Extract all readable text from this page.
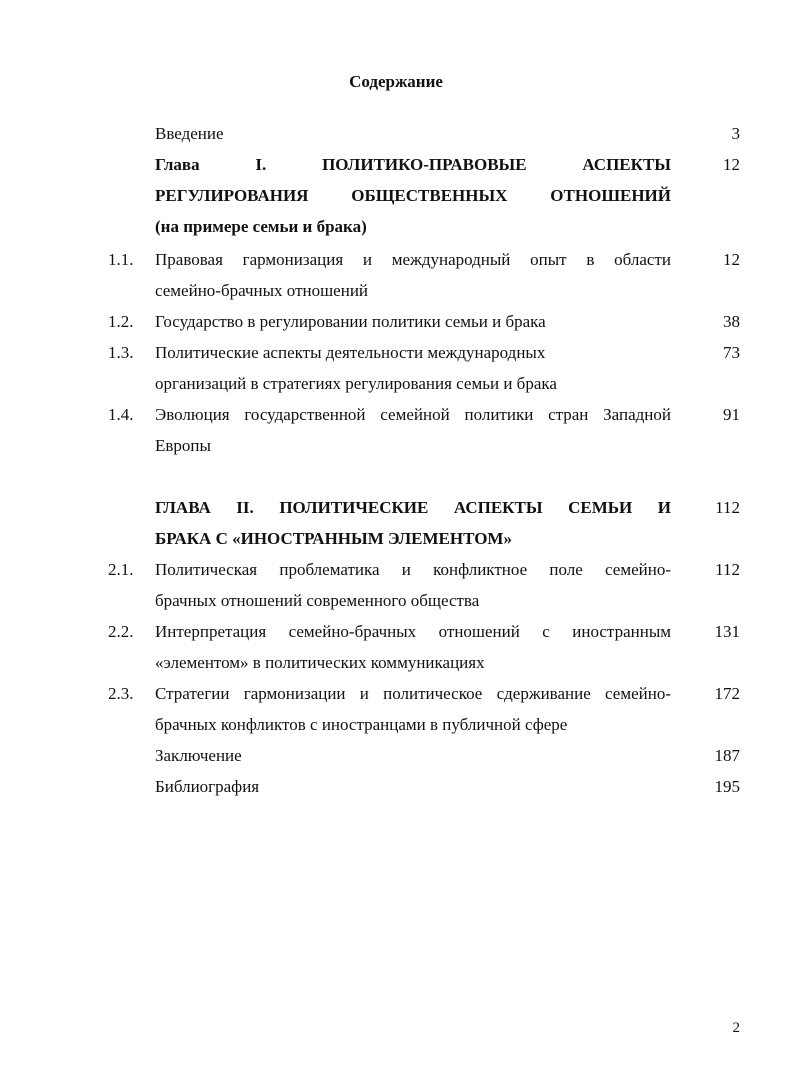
Содержание
Введение	3
Глава I. ПОЛИТИКО-ПРАВОВЫЕ АСПЕКТЫ	12
РЕГУЛИРОВАНИЯ ОБЩЕСТВЕННЫХ ОТНОШЕНИЙ
(на примере семьи и брака)
1.1.	Правовая гармонизация и международный опыт в области	12
семейно-брачных отношений
1.2.	Государство в регулировании политики семьи и брака	38
1.3.	Политические аспекты деятельности международных	73
организаций в стратегиях регулирования семьи и брака
1.4.	Эволюция государственной семейной политики стран Западной	91
Европы
ГЛАВА II. ПОЛИТИЧЕСКИЕ АСПЕКТЫ СЕМЬИ И	112
БРАКА С «ИНОСТРАННЫМ ЭЛЕМЕНТОМ»
2.1.	Политическая проблематика и конфликтное поле семейно-	112
брачных отношений современного общества
2.2.	Интерпретация семейно-брачных отношений с иностранным	131
«элементом» в политических коммуникациях
2.3.	Стратегии гармонизации и политическое сдерживание семейно-	172
брачных конфликтов с иностранцами в публичной сфере
Заключение	187
Библиография	195
2
